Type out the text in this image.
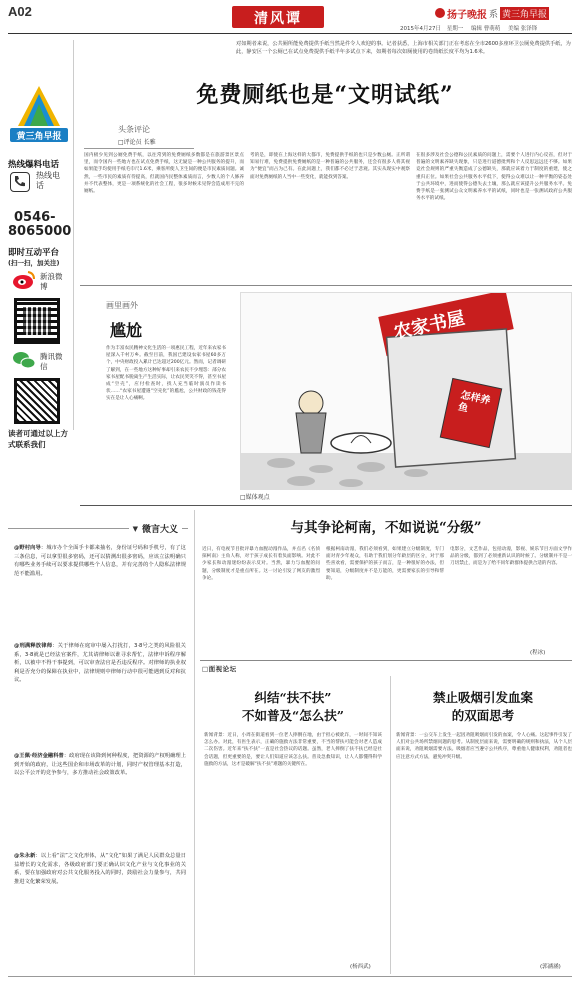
A02	清风谭	扬子晚报 系 黄三角早报
2015年4月27日 星期一 编辑 曹萌萌 美编 张泽锋
黄三角早报
热线爆料电话
热线电话
0546-
8065000
即时互动平台
(扫一扫，加关注)
新浪微博
腾讯微信
读者可通过以上方式联系我们
对如期者来说，公共厕所能免费提供手纸当然是件令人欢迎的事。记者获悉，上海市相关部门正在考虑在全市2600多座环卫公厕免费提供手纸，为此，静安区一个公厕已在试点免费提供手纸半年多试点下来，如期者每次如厕使用的卷筒纸长度平均为1.6米。
免费厕纸也是“文明试纸”
头条评论
□评论员 长雅
国内极少见到公厕免费手纸，以往常到的免费厕纸多数都是在旅游景区景点里，而令国内一些地方也在试点免费手纸，这无疑是一种公共服务的提升，而如果能手均使用手纸毛巾尺1.6米，乘客所使人卫生间的便是市民素质问题。诚然，一些市民的素质有待提高，但就国内民整体素质而言，少数人的个人修养并不代表整体，更是一项系统化的社会工程，很多时候未见得会造成用不完的厕纸。
考的是，即使在上海这样的大都市，免费提供手纸的也只是少数公厕。正所谓知易行难，免费提供免费厕纸的是一种普遍的公共服务，还会有很多人将其视为“便宜”而占为己有。在此问题上，我们都不必过于悲观。其实从现实中观察面对免费厕纸的人当中一些变化，就能找到答案。
在很多涉及社会公德和公民素质的问题上，需要个人进行内心反省，但对于普遍的文明素养缺失现象，只是进行道德批判和个人反思远远还不够。如果竞社会规则的严重失衡造成了公德缺失，那就应该着力于制度的重建，使之重归正位。如果社会公共服务水平低下，使得公众难以让一种平衡的姿态处于公共环境中，进而使得公德失去土壤，那么就应该提升公共服务水平。免费手纸是一张测试公众文明素养水平的试纸，同时也是一张测试政府公共服务水平的试纸。
画里画外
尴尬
作为丰富农民精神文化生活的一项惠民工程，近年来农家书屋深入千村万乡。截至目前，我国已建设农家书屋60多万个，中央财政投入累计已达超过200亿元。然而，记者调研了解到，在一些地方这种好事却引来农民不少埋怨：部分农家书屋配书脱离生产生活实际，让农民哭笑不得，甚至书屋成“空壳”，应付检查时，找人充当临时演员作读书状……“农家书屋遭遇“空壳化”的尴尬，公共财政的钱花得实在是让人心痛啊。
农家书屋
怎样养鱼
□媒体观点
▼ 微言大义
@野村向导：城市办个全面手卡都来抽名，身份证号码和手机号，有了这三条信息，可以拿里很多密码，还可以猜测出很多密码，应该立法明确只有哪些业务手续可以要求提供哪些个人信息，并有完善的个人隐私法律规范不能滥用。
@刑满释放律师：关于律师在庭审中屡入打扰打，3·8号之类的风险很关系，3·8就是已经法官案件，尤其请律师以谁寻求帮忙，法律申诉程序解析，以被中不得干事提到，可以审查法官是否违反程序。对律师的执业权利是否充分的保障在执业中，法律规则中律师行动中很可能遇到反对和抗议。
@王佩·经济金融科普：政府现在该降到何种程度，把资源的产权明确理上到开始的政府，让这些国企和市场改革的计划，同时产权管理基本打造，以公平公开的竞争参与，多方推动社会政策改革。
@朱永新：以上看“法”之文化形体，从“文化”如果了满足人民群众总量日益增长的文化需求，各级政府部门要正确认识文化产业与文化事业的关系，要在加强政府对公共文化服务投入的同时，鼓励社会力量参与，共同推进文化繁荣发展。
与其争论柯南，不如说说“分级”
近日，有电视节目批评暴力血腥动漫作品，并点名《名侦探柯南》主角人称，对于孩子成长有着负面影响。对此不少家长和动漫迷纷纷表示反对。当然，暴力与血腥的问题，分级制度才是重点所在。这一讨论引发了网友的激烈争论。
根据柯南动漫，我们必须看到，如果建立分级制度，专门面对青少年观众，有助于我们划分年龄层的区分，对于那些喜欢看，需要保护的孩子而言，是一种很好的办法，但要知道，分级制度并不是万能的，更需要家长的引导和帮助。
电影分，文艺作品，包括动漫，影视、娱乐节目方面文学作品的分级，都到了必须重新认识的时候了。分级制并不是一刀切禁止，而是为了给不同年龄群体提供合适的内容。
(程冰)
□面视论坛
纠结“扶不扶”
不如普及“怎么扶”
新闻背景：近日，小周在街道看到一位老人摔倒在地，由于担心被讹诈，一时间不知该怎么办。对此，有医生表示，正确的施救方法非常重要，不当的帮扶可能会对老人造成二次伤害。近年来“扶不扶”一直是社会热议的话题。虽然，老人摔倒了扶不扶已经是社会话题，但更重要的是，要让人们知道应该怎么扶。普及急救知识，让人人都懂得科学施救的方法，这才是破解“扶不扶”难题的关键所在。
(杨西武)
禁止吸烟引发血案
的双面思考
新闻背景：一公交车上发生一起因劝阻吸烟而引发的血案，令人心痛。这起事件引发了人们对公共场所禁烟问题的思考。从制度层面来说，需要明确的规则和执法，从个人层面来说，劝阻吸烟需要方法。吸烟者应当遵守公共秩序，尊重他人健康权利，劝阻者也应注意方式方法，避免冲突升级。
(郭涵涵)
